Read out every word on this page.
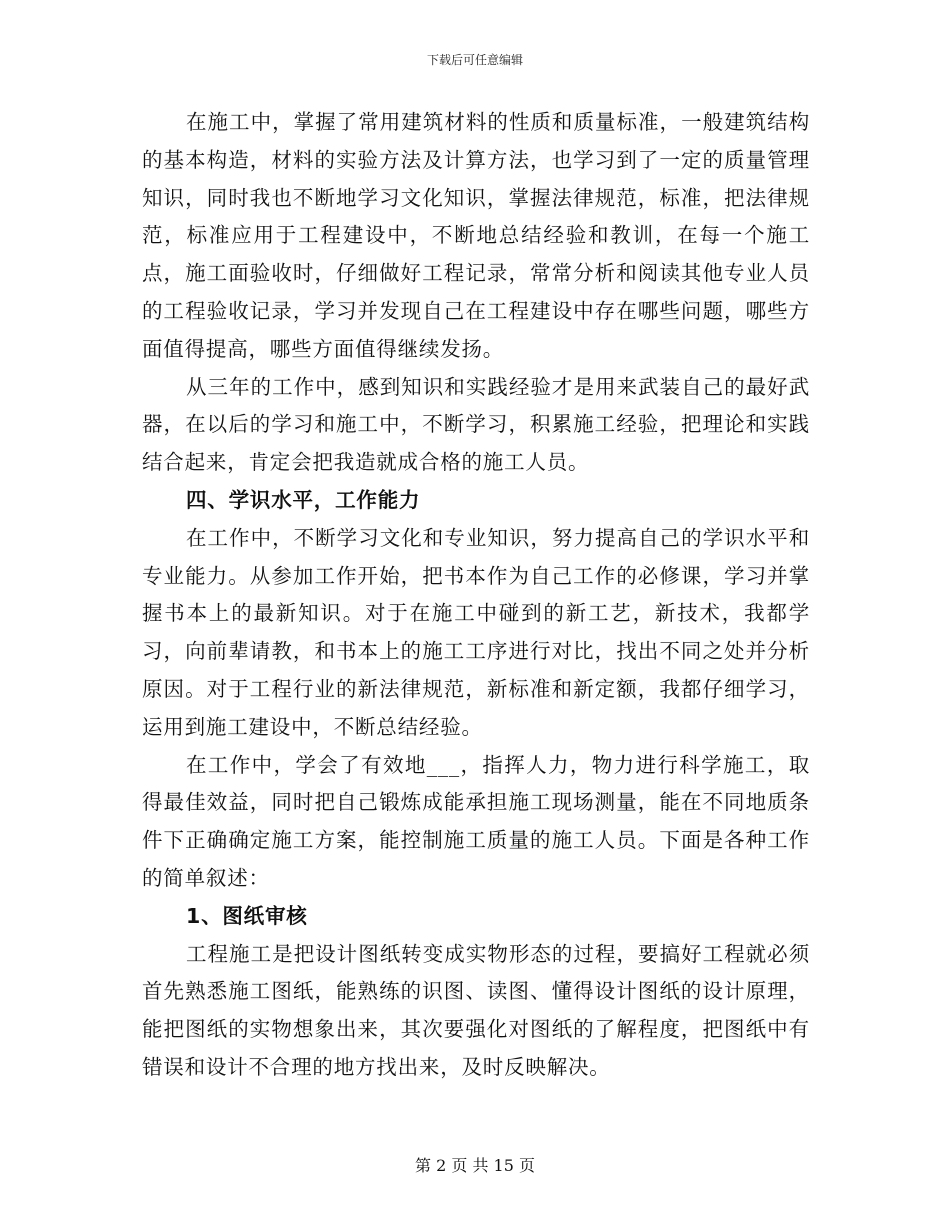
下载后可任意编辑

在施工中，掌握了常用建筑材料的性质和质量标准，一般建筑结构的基本构造，材料的实验方法及计算方法，也学习到了一定的质量管理知识，同时我也不断地学习文化知识，掌握法律规范，标准，把法律规范，标准应用于工程建设中，不断地总结经验和教训，在每一个施工点，施工面验收时，仔细做好工程记录，常常分析和阅读其他专业人员的工程验收记录，学习并发现自己在工程建设中存在哪些问题，哪些方面值得提高，哪些方面值得继续发扬。

从三年的工作中，感到知识和实践经验才是用来武装自己的最好武器，在以后的学习和施工中，不断学习，积累施工经验，把理论和实践结合起来，肯定会把我造就成合格的施工人员。

四、学识水平，工作能力

在工作中，不断学习文化和专业知识，努力提高自己的学识水平和专业能力。从参加工作开始，把书本作为自己工作的必修课，学习并掌握书本上的最新知识。对于在施工中碰到的新工艺，新技术，我都学习，向前辈请教，和书本上的施工工序进行对比，找出不同之处并分析原因。对于工程行业的新法律规范，新标准和新定额，我都仔细学习，运用到施工建设中，不断总结经验。

在工作中，学会了有效地___，指挥人力，物力进行科学施工，取得最佳效益，同时把自己锻炼成能承担施工现场测量，能在不同地质条件下正确确定施工方案，能控制施工质量的施工人员。下面是各种工作的简单叙述：

1、图纸审核

工程施工是把设计图纸转变成实物形态的过程，要搞好工程就必须首先熟悉施工图纸，能熟练的识图、读图、懂得设计图纸的设计原理，能把图纸的实物想象出来，其次要强化对图纸的了解程度，把图纸中有错误和设计不合理的地方找出来，及时反映解决。

第 2 页 共 15 页
